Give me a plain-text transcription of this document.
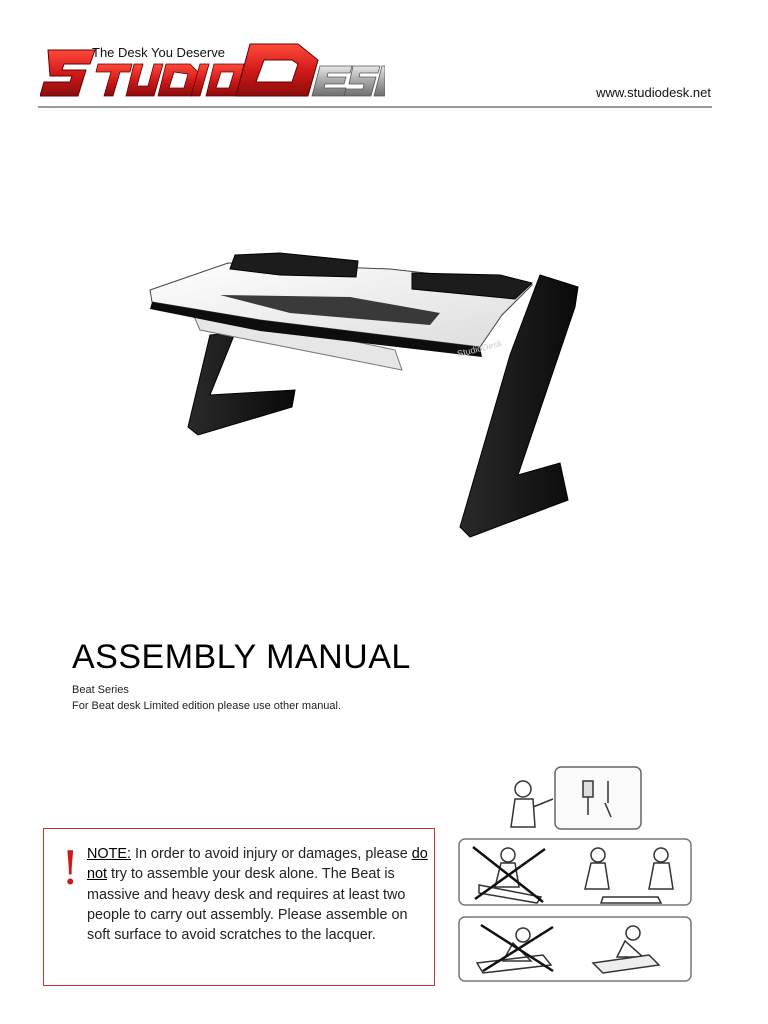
The Desk You Deserve
www.studiodesk.net
StudioDesk
ASSEMBLY MANUAL
Beat Series
For Beat desk Limited edition please use other manual.
! NOTE: In order to avoid injury or damages, please do not try to assemble your desk alone. The Beat is massive and heavy desk and requires at least two people to carry out assembly. Please assemble on soft surface to avoid scratches to the lacquer.
